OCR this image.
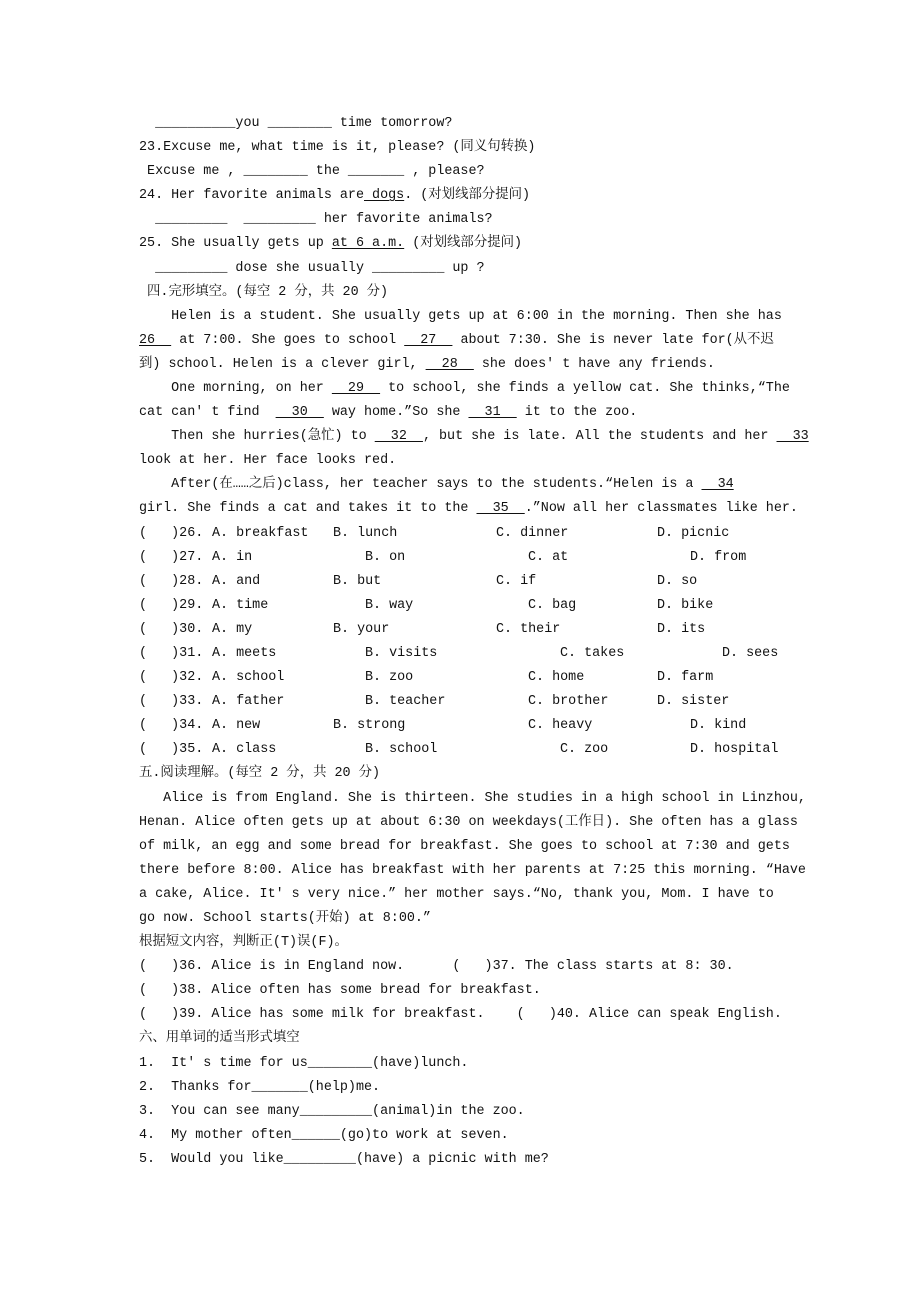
__________you ________ time tomorrow?
23.Excuse me, what time is it, please? (同义句转换)
Excuse me , ________ the _______ , please?
24. Her favorite animals are dogs. (对划线部分提问)
_________  _________ her favorite animals?
25. She usually gets up at 6 a.m. (对划线部分提问)
_________ dose she usually _________ up ?
四.完形填空。(每空 2 分，共 20 分)
Helen is a student. She usually gets up at 6:00 in the morning. Then she has
26   at 7:00. She goes to school   27   about 7:30. She is never late for(从不迟
到) school. Helen is a clever girl,   28   she does' t have any friends.
One morning, on her   29   to school, she finds a yellow cat. She thinks,“The
cat can' t find    30   way home.”So she   31   it to the zoo.
Then she hurries(急忙) to   32  , but she is late. All the students and her   33
look at her. Her face looks red.
After(在……之后)class, her teacher says to the students.“Helen is a   34
girl. She finds a cat and takes it to the   35  .”Now all her classmates like her.
(   )26. A. breakfast B. lunch	C. dinner	D. picnic
(   )27. A. in	B. on	C. at	D. from
(   )28. A. and	B. but	C. if	D. so
(   )29. A. time	B. way	C. bag	D. bike
(   )30. A. my	B. your	C. their	D. its
(   )31. A. meets	B. visits	C. takes	D. sees
(   )32. A. school	B. zoo	C. home	D. farm
(   )33. A. father	B. teacher	C. brother	D. sister
(   )34. A. new	B. strong	C. heavy	D. kind
(   )35. A. class	B. school	C. zoo	D. hospital
五.阅读理解。(每空 2 分，共 20 分)
Alice is from England. She is thirteen. She studies in a high school in Linzhou,
Henan. Alice often gets up at about 6:30 on weekdays(工作日). She often has a glass
of milk, an egg and some bread for breakfast. She goes to school at 7:30 and gets
there before 8:00. Alice has breakfast with her parents at 7:25 this morning. “Have
a cake, Alice. It' s very nice.” her mother says.“No, thank you, Mom. I have to
go now. School starts(开始) at 8:00.”
根据短文内容，判断正(T)误(F)。
(   )36. Alice is in England now.      (   )37. The class starts at 8: 30.
(   )38. Alice often has some bread for breakfast.
(   )39. Alice has some milk for breakfast.    (   )40. Alice can speak English.
六、用单词的适当形式填空
1.  It' s time for us________(have)lunch.
2.  Thanks for_______(help)me.
3.  You can see many_________(animal)in the zoo.
4.  My mother often______(go)to work at seven.
5.  Would you like_________(have) a picnic with me?
